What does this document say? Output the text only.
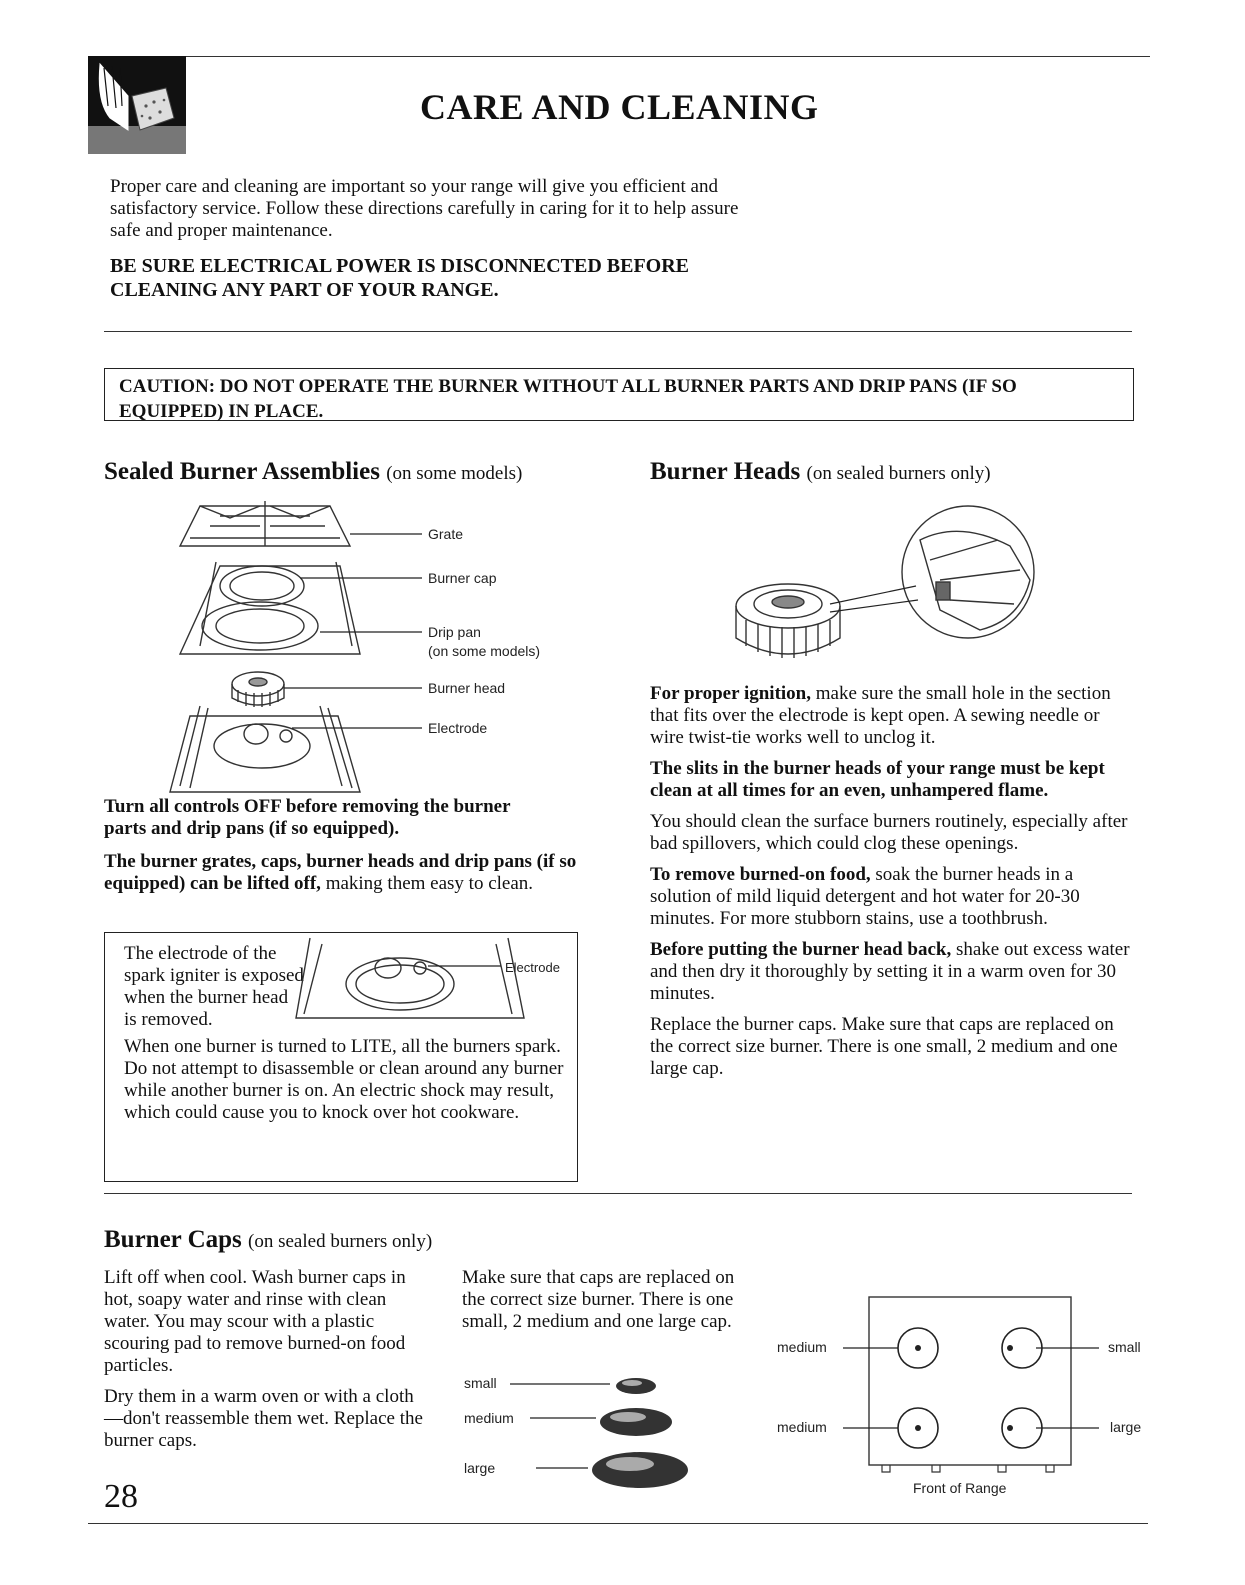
CARE AND CLEANING
Proper care and cleaning are important so your range will give you efficient and satisfactory service. Follow these directions carefully in caring for it to help assure safe and proper maintenance.
BE SURE ELECTRICAL POWER IS DISCONNECTED BEFORE CLEANING ANY PART OF YOUR RANGE.
CAUTION: DO NOT OPERATE THE BURNER WITHOUT ALL BURNER PARTS AND DRIP PANS (IF SO EQUIPPED) IN PLACE.
Sealed Burner Assemblies (on some models)
Grate
Burner cap
Drip pan
(on some models)
Burner head
Electrode
Turn all controls OFF before removing the burner parts and drip pans (if so equipped).
The burner grates, caps, burner heads and drip pans (if so equipped) can be lifted off, making them easy to clean.
The electrode of the spark igniter is exposed when the burner head is removed.
Electrode
When one burner is turned to LITE, all the burners spark. Do not attempt to disassemble or clean around any burner while another burner is on. An electric shock may result, which could cause you to knock over hot cookware.
Burner Heads (on sealed burners only)

For proper ignition, make sure the small hole in the section that fits over the electrode is kept open. A sewing needle or wire twist-tie works well to unclog it.

The slits in the burner heads of your range must be kept clean at all times for an even, unhampered flame.

You should clean the surface burners routinely, especially after bad spillovers, which could clog these openings.

To remove burned-on food, soak the burner heads in a solution of mild liquid detergent and hot water for 20-30 minutes. For more stubborn stains, use a toothbrush.

Before putting the burner head back, shake out excess water and then dry it thoroughly by setting it in a warm oven for 30 minutes.

Replace the burner caps. Make sure that caps are replaced on the correct size burner. There is one small, 2 medium and one large cap.

Burner Caps (on sealed burners only)

Lift off when cool. Wash burner caps in hot, soapy water and rinse with clean water. You may scour with a plastic scouring pad to remove burned-on food particles.

Dry them in a warm oven or with a cloth—don't reassemble them wet. Replace the burner caps.

Make sure that caps are replaced on the correct size burner. There is one small, 2 medium and one large cap.
small
medium
large
medium	small
medium	large
Front of Range
28
